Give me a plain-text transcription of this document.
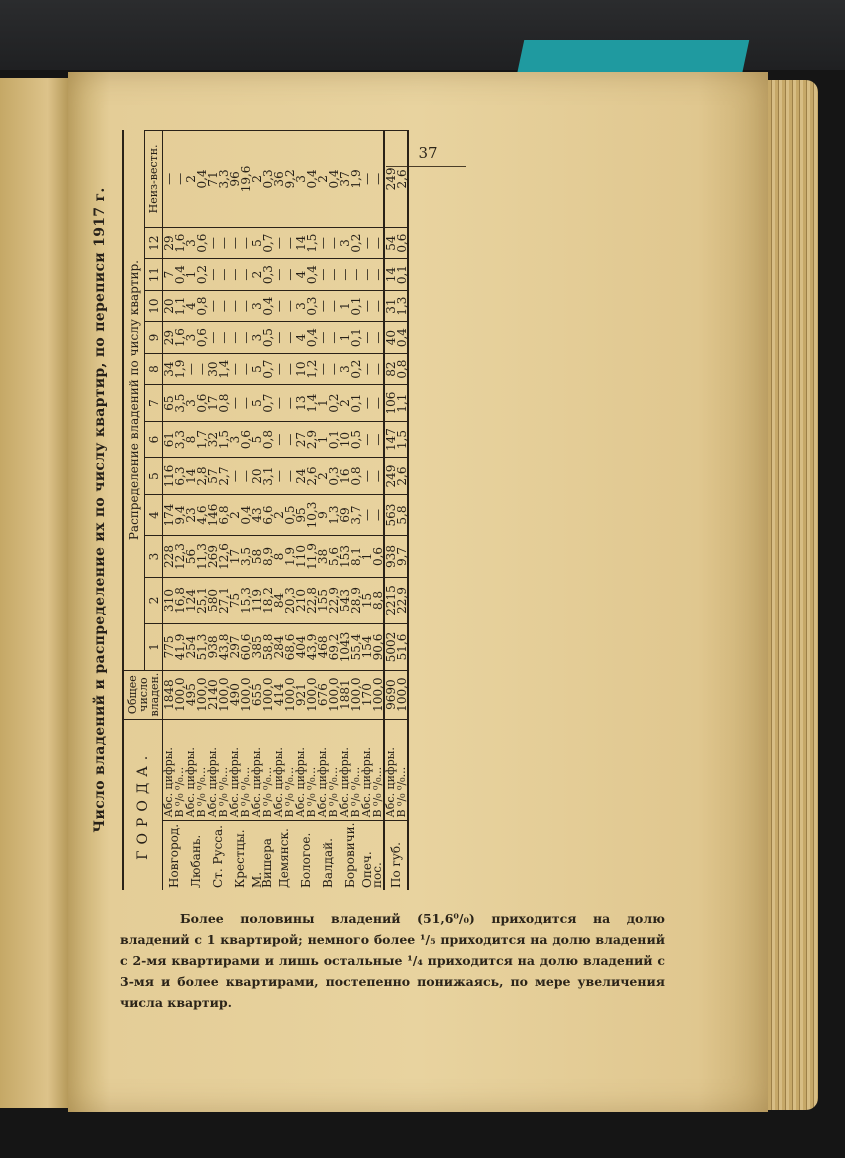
37
Число владений и распределение их по числу квартир, по переписи 1917 г.	ГОРОДА.		Общее число владен.	Распределение владений по числу квартир.												
			1	2	3	4	5	6	7	8	9	10	11	12	Неиз-вестн.
Новгород.	Абс. цифры.	1848	775	310	228	174	116	61	65	34	29	20	7	29	—
	В ⁰/₀ ⁰/₀...	100,0	41,9	16,8	12,3	9,4	6,3	3,3	3,5	1,9	1,6	1,1	0,4	1,6	—
Любань.	Абс. цифры.	495	254	124	56	23	14	8	3	—	3	4	1	3	2
	В ⁰/₀ ⁰/₀...	100,0	51,3	25,1	11,3	4,6	2,8	1,7	0,6	—	0,6	0,8	0,2	0,6	0,4
Ст. Русса.	Абс. цифры.	2140	938	580	269	146	57	32	17	30	—	—	—	—	71
	В ⁰/₀ ⁰/₀...	100,0	43,8	27,1	12,6	6,8	2,7	1,5	0,8	1,4	—	—	—	—	3,3
Крестцы.	Абс. цифры.	490	297	75	17	2	—	3	—	—	—	—	—	—	96
	В ⁰/₀ ⁰/₀...	100,0	60,6	15,3	3,5	0,4	—	0,6	—	—	—	—	—	—	19,6
М. Вишера	Абс. цифры.	655	385	119	58	43	20	5	5	5	3	3	2	5	2
	В ⁰/₀ ⁰/₀...	100,0	58,8	18,2	8,9	6,6	3,1	0,8	0,7	0,7	0,5	0,4	0,3	0,7	0,3
Демянск.	Абс. цифры.	414	284	84	8	2	—	—	—	—	—	—	—	—	36
	В ⁰/₀ ⁰/₀...	100,0	68,6	20,3	1,9	0,5	—	—	—	—	—	—	—	—	9,2
Бологое.	Абс. цифры.	921	404	210	110	95	24	27	13	10	4	3	4	14	3
	В ⁰/₀ ⁰/₀...	100,0	43,9	22,8	11,9	10,3	2,6	2,9	1,4	1,2	0,4	0,3	0,4	1,5	0,4
Валдай.	Абс. цифры.	676	468	155	38	9	2	1	1	—	—	—	—	—	2
	В ⁰/₀ ⁰/₀...	100,0	69,2	22,9	5,6	1,3	0,3	0,1	0,2	—	—	—	—	—	0,4
Боровичи.	Абс. цифры.	1881	1043	543	153	69	16	10	2	3	1	1	—	3	37
	В ⁰/₀ ⁰/₀...	100,0	55,4	28,9	8,1	3,7	0,8	0,5	0,1	0,2	0,1	0,1	—	0,2	1,9
Опеч. пос.	Абс. цифры.	170	154	15	1	—	—	—	—	—	—	—	—	—	—
	В ⁰/₀ ⁰/₀...	100,0	90,6	8,8	0,6	—	—	—	—	—	—	—	—	—	—
По губ.	Абс. цифры.	9690	5002	2215	938	563	249	147	106	82	40	31	14	54	249
	В ⁰/₀ ⁰/₀...	100,0	51,6	22,9	9,7	5,8	2,6	1,5	1,1	0,8	0,4	1,3	0,1	0,6	2,6
Более половины владений (51,6⁰/₀) приходится на долю владений с 1 квартирой; немного более ¹/₅ приходится на долю владений с 2-мя квартирами и лишь остальные ¹/₄ приходится на долю владений с 3-мя и более квартирами, постепенно понижаясь, по мере увеличения числа квартир.
